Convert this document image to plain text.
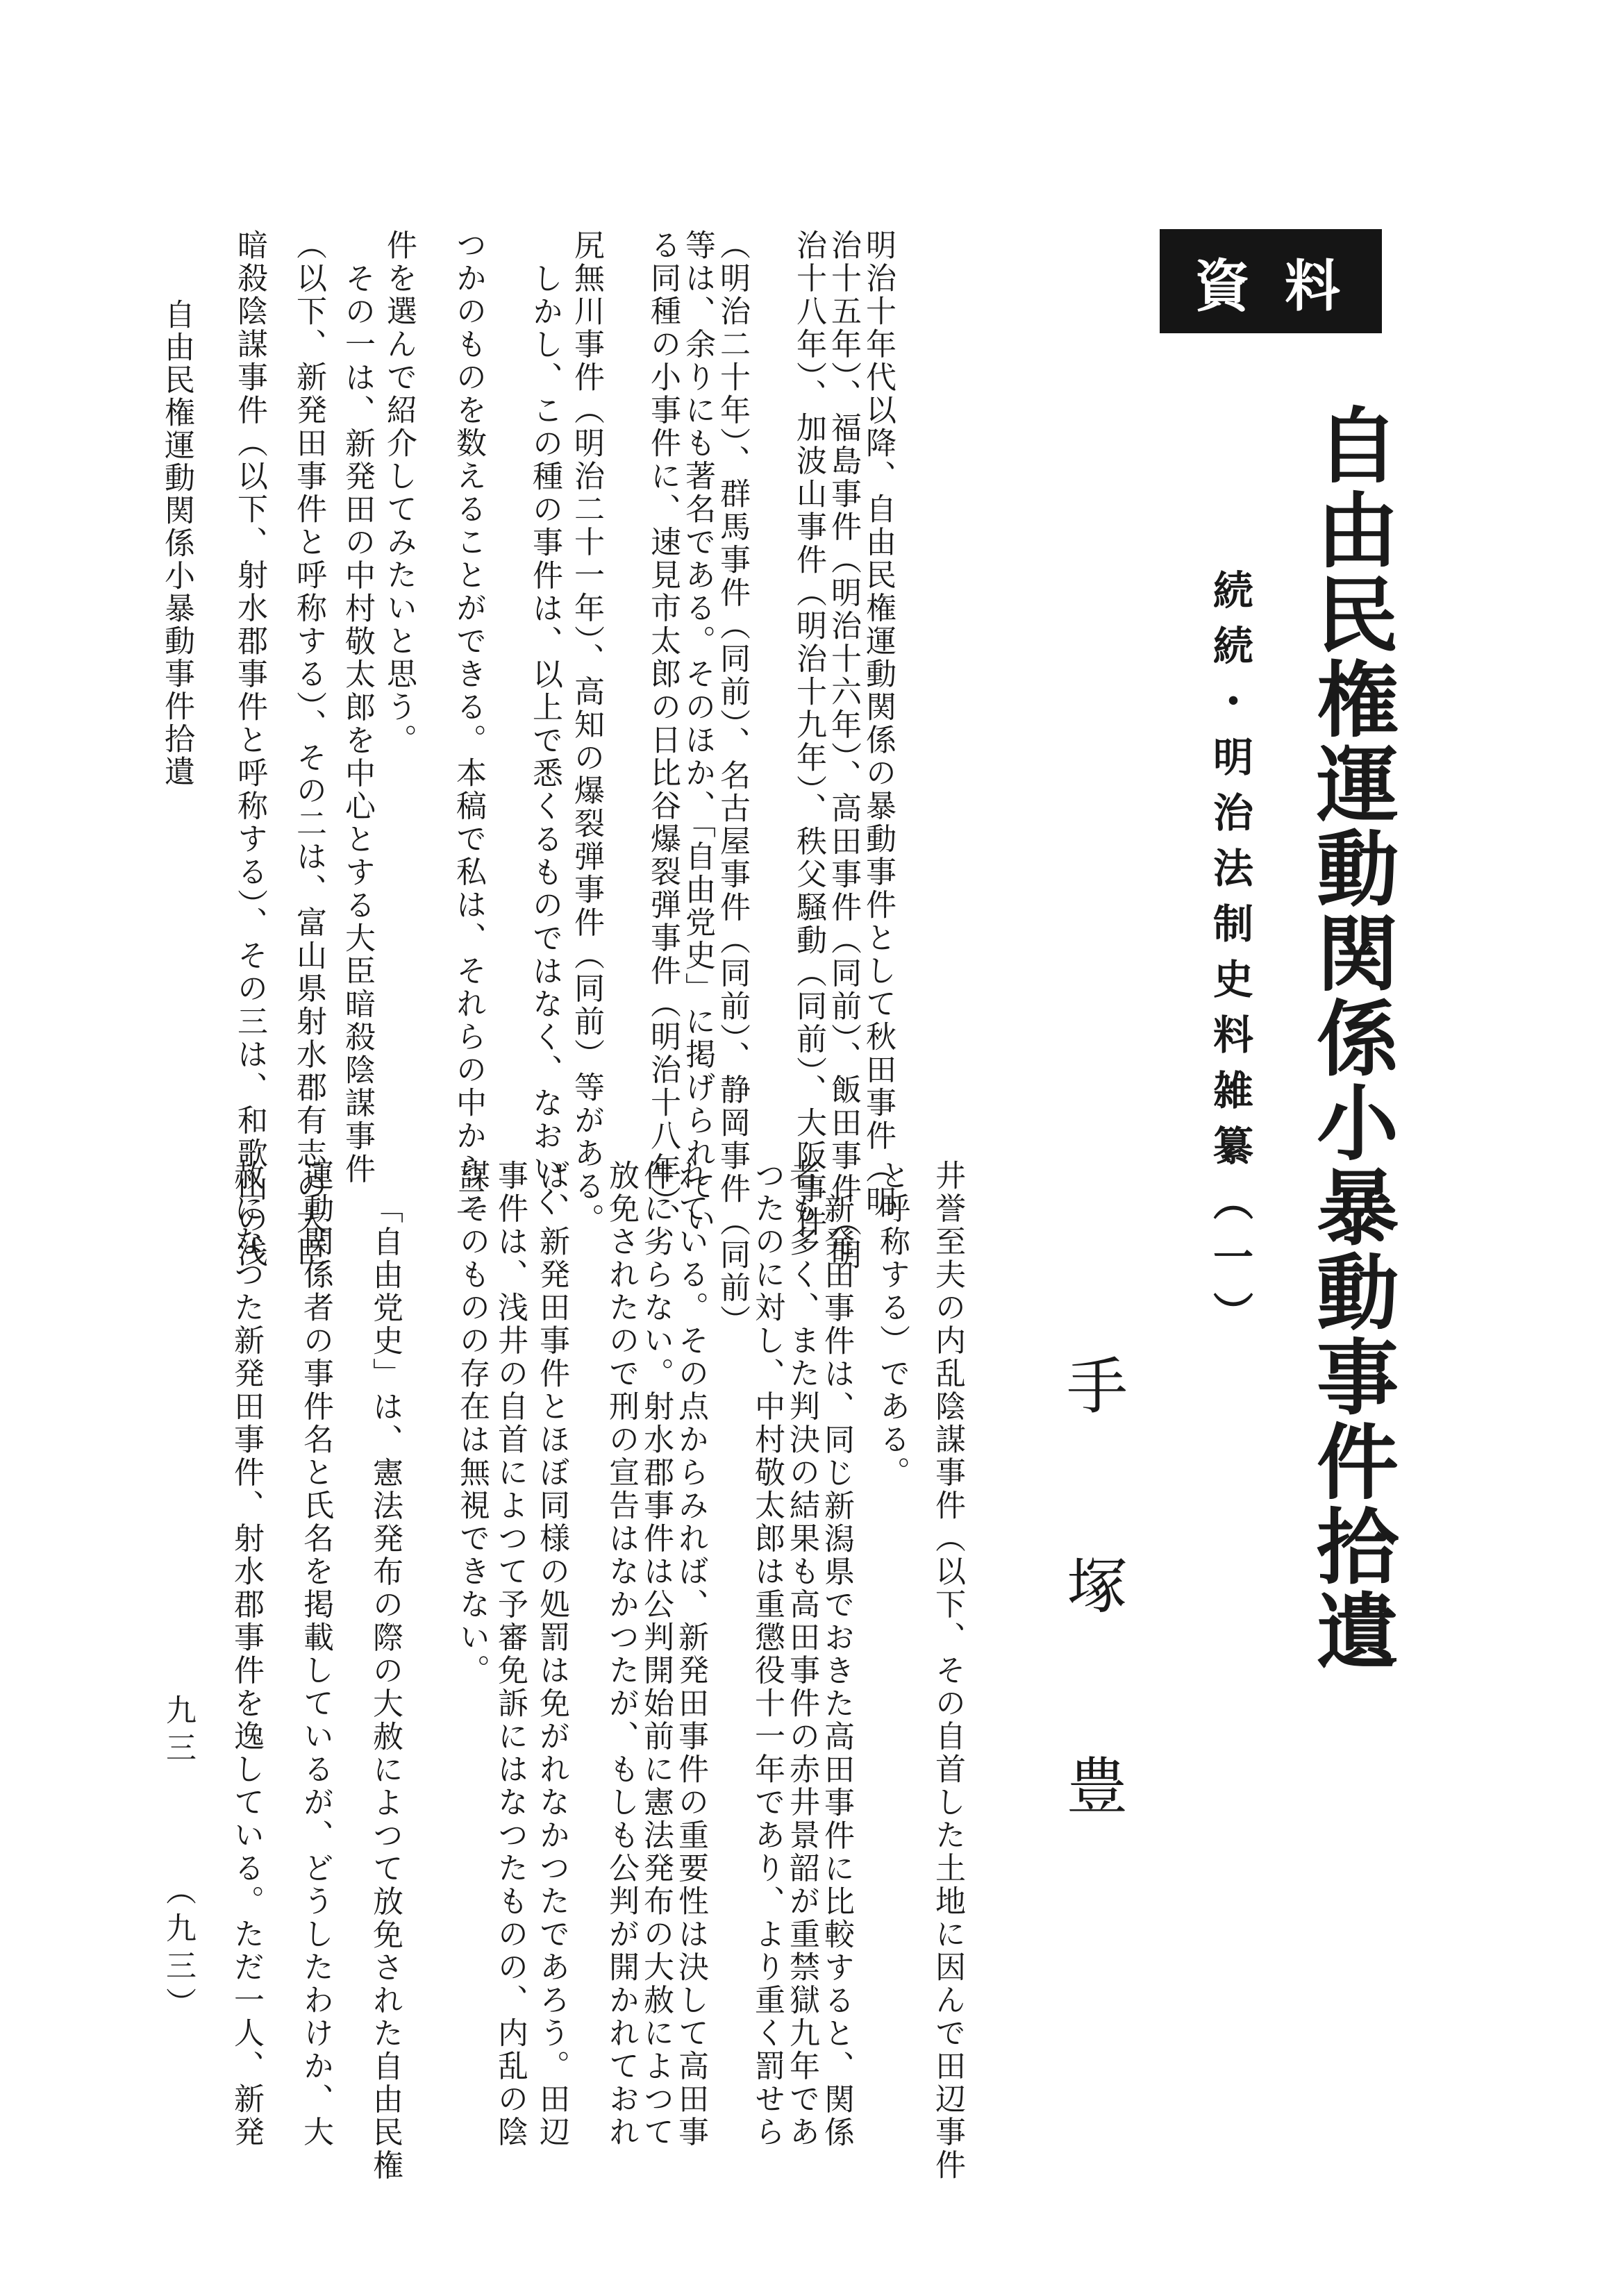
資料
自由民権運動関係小暴動事件拾遺
続続・明治法制史料雑纂（一）
手塚豊
明治十年代以降、自由民権運動関係の暴動事件として秋田事件（明
治十五年）、福島事件（明治十六年）、高田事件（同前）、飯田事件（明
治十八年）、加波山事件（明治十九年）、秩父騒動（同前）、大阪事件
（明治二十年）、群馬事件（同前）、名古屋事件（同前）、静岡事件（同前）
等は、余りにも著名である。そのほか、「自由党史」に掲げられてい
る同種の小事件に、速見市太郎の日比谷爆裂弾事件（明治十八年）、
尻無川事件（明治二十一年）、高知の爆裂弾事件（同前）等がある。
しかし、この種の事件は、以上で悉くるものではなく、なおいく
つかのものを数えることができる。本稿で私は、それらの中から三
件を選んで紹介してみたいと思う。
その一は、新発田の中村敬太郎を中心とする大臣暗殺陰謀事件
（以下、新発田事件と呼称する）、その二は、富山県射水郡有志の大臣
暗殺陰謀事件（以下、射水郡事件と呼称する）、その三は、和歌山の浅
井誉至夫の内乱陰謀事件（以下、その自首した土地に因んで田辺事件
と呼称する）である。
新発田事件は、同じ新潟県でおきた高田事件に比較すると、関係
者も多く、また判決の結果も高田事件の赤井景韶が重禁獄九年であ
つたのに対し、中村敬太郎は重懲役十一年であり、より重く罰せら
れている。その点からみれば、新発田事件の重要性は決して高田事
件に劣らない。射水郡事件は公判開始前に憲法発布の大赦によつて
放免されたので刑の宣告はなかつたが、もしも公判が開かれておれ
ば、新発田事件とほぼ同様の処罰は免がれなかつたであろう。田辺
事件は、浅井の自首によつて予審免訴にはなつたものの、内乱の陰
謀そのものの存在は無視できない。
「自由党史」は、憲法発布の際の大赦によつて放免された自由民権
運動関係者の事件名と氏名を掲載しているが、どうしたわけか、大
赦になつた新発田事件、射水郡事件を逸している。ただ一人、新発
自由民権運動関係小暴動事件拾遺
九三
（九三）
